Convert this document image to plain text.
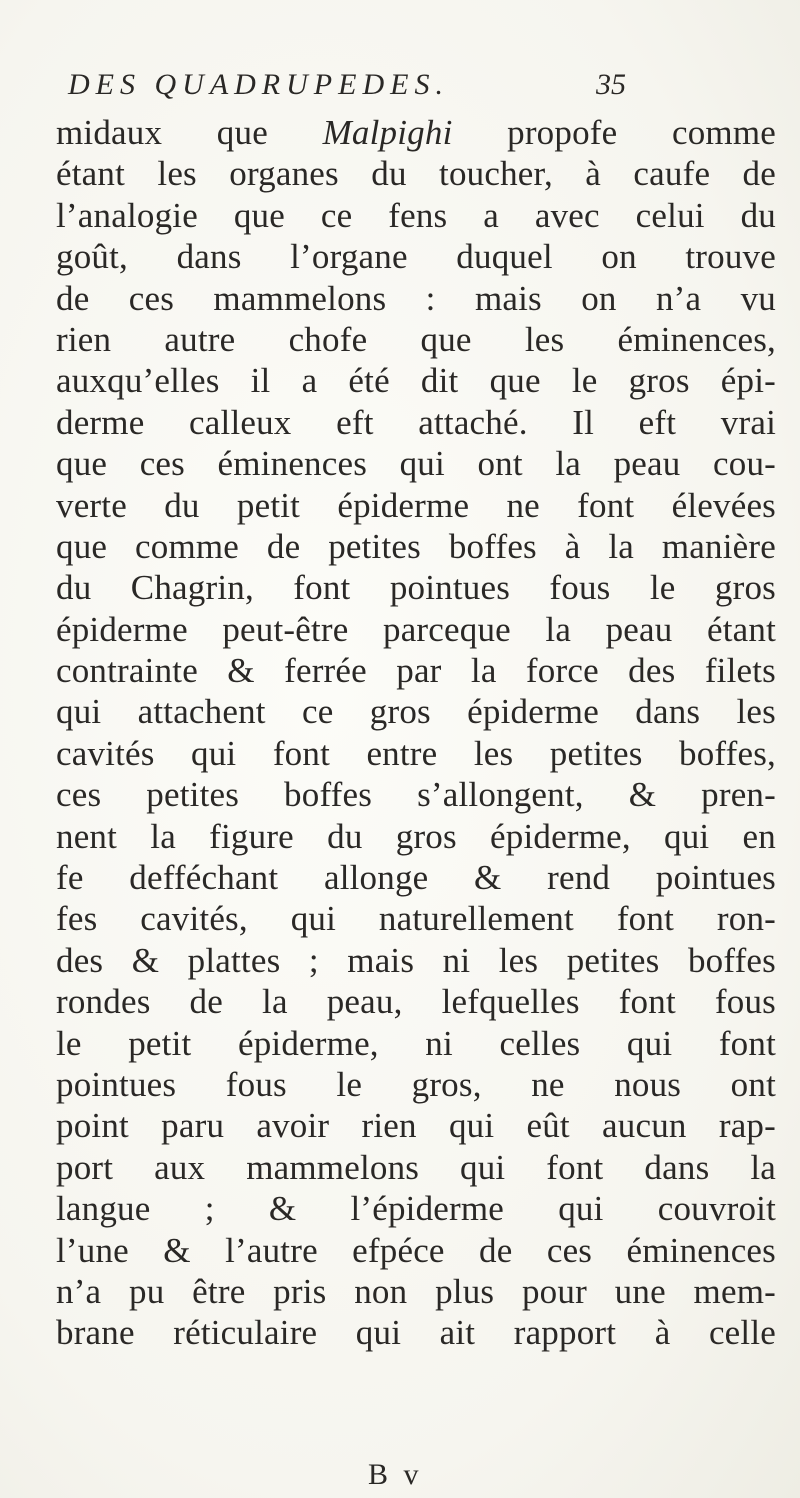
DES QUADRUPEDES.	35
midaux que Malpighi propofe comme
étant les organes du toucher, à caufe de
l’analogie que ce fens a avec celui du
goût, dans l’organe duquel on trouve
de ces mammelons : mais on n’a vu
rien autre chofe que les éminences,
auxqu’elles il a été dit que le gros épi-
derme calleux eft attaché. Il eft vrai
que ces éminences qui ont la peau cou-
verte du petit épiderme ne font élevées
que comme de petites boffes à la manière
du Chagrin, font pointues fous le gros
épiderme peut-être parceque la peau étant
contrainte & ferrée par la force des filets
qui attachent ce gros épiderme dans les
cavités qui font entre les petites boffes,
ces petites boffes s’allongent, & pren-
nent la figure du gros épiderme, qui en
fe defféchant allonge & rend pointues
fes cavités, qui naturellement font ron-
des & plattes ; mais ni les petites boffes
rondes de la peau, lefquelles font fous
le petit épiderme, ni celles qui font
pointues fous le gros, ne nous ont
point paru avoir rien qui eût aucun rap-
port aux mammelons qui font dans la
langue ; & l’épiderme qui couvroit
l’une & l’autre efpéce de ces éminences
n’a pu être pris non plus pour une mem-
brane réticulaire qui ait rapport à celle
B v
